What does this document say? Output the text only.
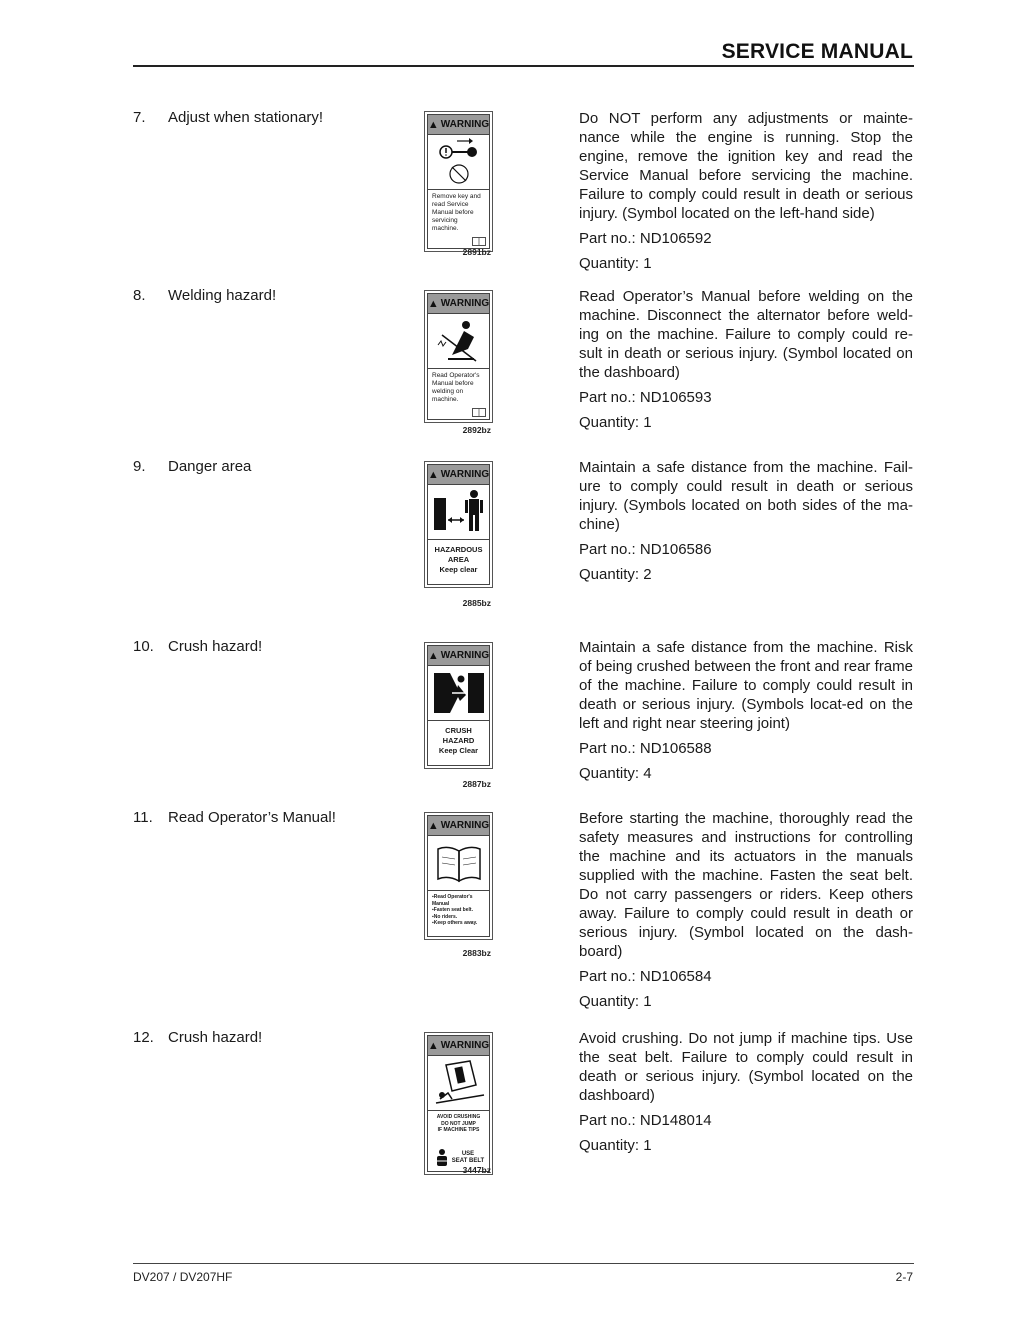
SERVICE MANUAL
7. Adjust when stationary!	▲ WARNING
Remove key and read Service Manual before servicing machine.
2891bz

Do NOT perform any adjustments or mainte-nance while the engine is running. Stop the engine, remove the ignition key and read the Service Manual before servicing the machine. Failure to comply could result in death or serious injury. (Symbol located on the left-hand side)

Part no.: ND106592

Quantity: 1

8. Welding hazard!	▲ WARNING
Read Operator's Manual before welding on machine.
2892bz

Read Operator’s Manual before welding on the machine. Disconnect the alternator before weld-ing on the machine. Failure to comply could re-sult in death or serious injury. (Symbol located on the dashboard)

Part no.: ND106593

Quantity: 1

9. Danger area	▲ WARNING
HAZARDOUS
AREA
Keep clear
2885bz

Maintain a safe distance from the machine. Fail-ure to comply could result in death or serious injury. (Symbols located on both sides of the ma-chine)

Part no.: ND106586

Quantity: 2

10. Crush hazard!
▲ WARNING
CRUSH
HAZARD
Keep Clear
2887bz

Maintain a safe distance from the machine. Risk of being crushed between the front and rear frame of the machine. Failure to comply could result in death or serious injury. (Symbols locat-ed on the left and right near steering joint)

Part no.: ND106588

Quantity: 4

11. Read Operator’s Manual!	▲ WARNING
▪Read Operator's Manual
▪Fasten seat belt.
▪No riders.
▪Keep others away.
2883bz

Before starting the machine, thoroughly read the safety measures and instructions for controlling the machine and its actuators in the manuals supplied with the machine. Fasten the seat belt. Do not carry passengers or riders. Keep others away. Failure to comply could result in death or serious injury. (Symbol located on the dash-board)

Part no.: ND106584

Quantity: 1

12. Crush hazard!	▲ WARNING
AVOID CRUSHING
DO NOT JUMP
IF MACHINE TIPS
USE
SEAT BELT
3447bz

Avoid crushing. Do not jump if machine tips. Use the seat belt. Failure to comply could result in death or serious injury. (Symbol located on the dashboard)

Part no.: ND148014

Quantity: 1

DV207 / DV207HF	2-7
